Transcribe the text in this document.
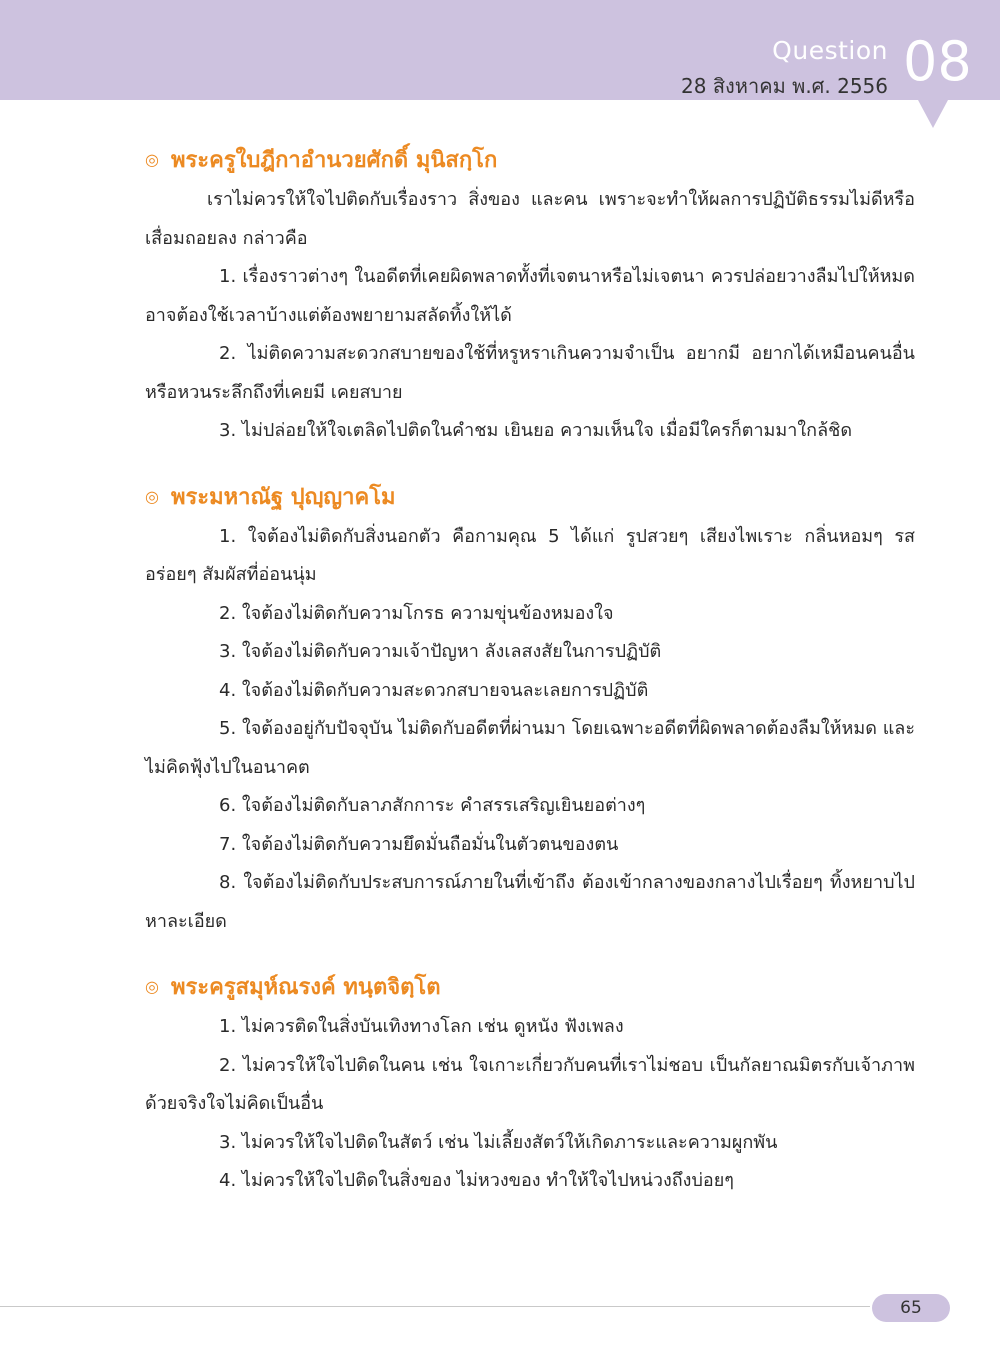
Question
28 สิงหาคม พ.ศ. 2556 08
◎ พระครูใบฎีกาอำนวยศักดิ์ มุนิสกฺโก

เราไม่ควรให้ใจไปติดกับเรื่องราว สิ่งของ และคน เพราะจะทำให้ผลการปฏิบัติธรรมไม่ดีหรือเสื่อมถอยลง กล่าวคือ

1. เรื่องราวต่างๆ ในอดีตที่เคยผิดพลาดทั้งที่เจตนาหรือไม่เจตนา ควรปล่อยวางลืมไปให้หมด อาจต้องใช้เวลาบ้างแต่ต้องพยายามสลัดทิ้งให้ได้

2. ไม่ติดความสะดวกสบายของใช้ที่หรูหราเกินความจำเป็น อยากมี อยากได้เหมือนคนอื่น หรือหวนระลึกถึงที่เคยมี เคยสบาย

3. ไม่ปล่อยให้ใจเตลิดไปติดในคำชม เยินยอ ความเห็นใจ เมื่อมีใครก็ตามมาใกล้ชิด

◎ พระมหาณัฐ ปุญฺญาคโม

1. ใจต้องไม่ติดกับสิ่งนอกตัว คือกามคุณ 5 ได้แก่ รูปสวยๆ เสียงไพเราะ กลิ่นหอมๆ รสอร่อยๆ สัมผัสที่อ่อนนุ่ม

2. ใจต้องไม่ติดกับความโกรธ ความขุ่นข้องหมองใจ

3. ใจต้องไม่ติดกับความเจ้าปัญหา ลังเลสงสัยในการปฏิบัติ

4. ใจต้องไม่ติดกับความสะดวกสบายจนละเลยการปฏิบัติ

5. ใจต้องอยู่กับปัจจุบัน ไม่ติดกับอดีตที่ผ่านมา โดยเฉพาะอดีตที่ผิดพลาดต้องลืมให้หมด และไม่คิดฟุ้งไปในอนาคต

6. ใจต้องไม่ติดกับลาภสักการะ คำสรรเสริญเยินยอต่างๆ

7. ใจต้องไม่ติดกับความยึดมั่นถือมั่นในตัวตนของตน

8. ใจต้องไม่ติดกับประสบการณ์ภายในที่เข้าถึง ต้องเข้ากลางของกลางไปเรื่อยๆ ทิ้งหยาบไปหาละเอียด

◎ พระครูสมุห์ณรงค์ ทนฺตจิตฺโต

1. ไม่ควรติดในสิ่งบันเทิงทางโลก เช่น ดูหนัง ฟังเพลง

2. ไม่ควรให้ใจไปติดในคน เช่น ใจเกาะเกี่ยวกับคนที่เราไม่ชอบ เป็นกัลยาณมิตรกับเจ้าภาพด้วยจริงใจไม่คิดเป็นอื่น

3. ไม่ควรให้ใจไปติดในสัตว์ เช่น ไม่เลี้ยงสัตว์ให้เกิดภาระและความผูกพัน

4. ไม่ควรให้ใจไปติดในสิ่งของ ไม่หวงของ ทำให้ใจไปหน่วงถึงบ่อยๆ

65
